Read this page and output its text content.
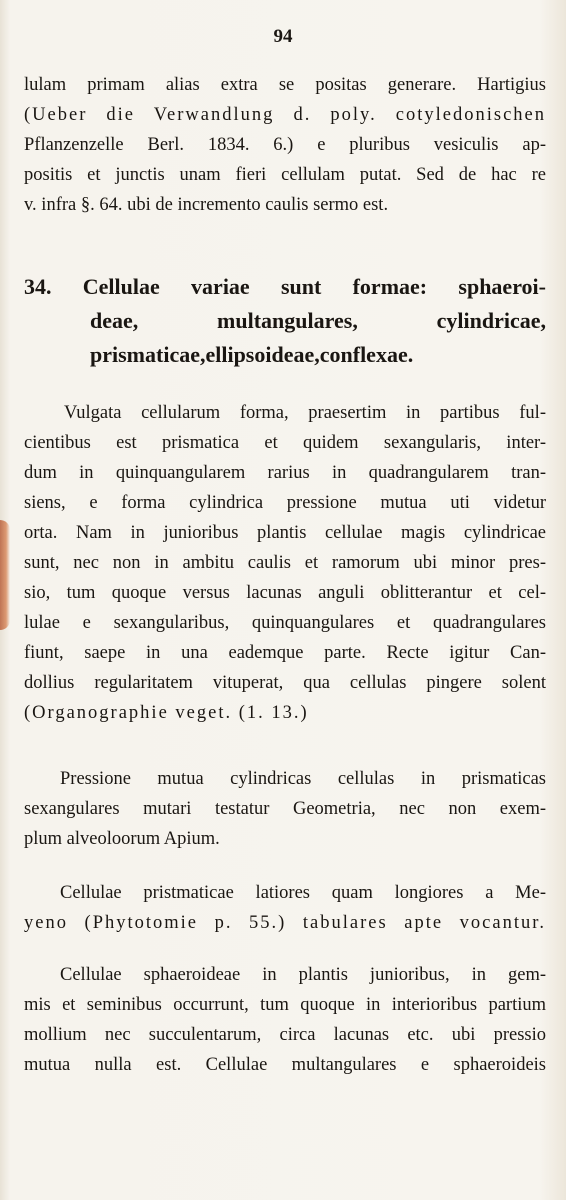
94
lulam primam alias extra se positas generare. Hartigius
(Ueber die Verwandlung d. poly. cotyledonischen
Pflanzenzelle Berl. 1834. 6.) e pluribus vesiculis ap-
positis et junctis unam fieri cellulam putat. Sed de hac re
v. infra §. 64. ubi de incremento caulis sermo est.
34. Cellulae variae sunt formae: sphaeroi-
deae, multangulares, cylindricae,
prismaticae,ellipsoideae,conflexae.
Vulgata cellularum forma, praesertim in partibus ful-
cientibus est prismatica et quidem sexangularis, inter-
dum in quinquangularem rarius in quadrangularem tran-
siens, e forma cylindrica pressione mutua uti videtur
orta. Nam in junioribus plantis cellulae magis cylindricae
sunt, nec non in ambitu caulis et ramorum ubi minor pres-
sio, tum quoque versus lacunas anguli oblitterantur et cel-
lulae e sexangularibus, quinquangulares et quadrangulares
fiunt, saepe in una eademque parte. Recte igitur Can-
dollius regularitatem vituperat, qua cellulas pingere solent
(Organographie veget. (1. 13.)
Pressione mutua cylindricas cellulas in prismaticas
sexangulares mutari testatur Geometria, nec non exem-
plum alveoloorum Apium.
Cellulae pristmaticae latiores quam longiores a Me-
yeno (Phytotomie p. 55.) tabulares apte vocantur.
Cellulae sphaeroideae in plantis junioribus, in gem-
mis et seminibus occurrunt, tum quoque in interioribus partium
mollium nec succulentarum, circa lacunas etc. ubi pressio
mutua nulla est. Cellulae multangulares e sphaeroideis
